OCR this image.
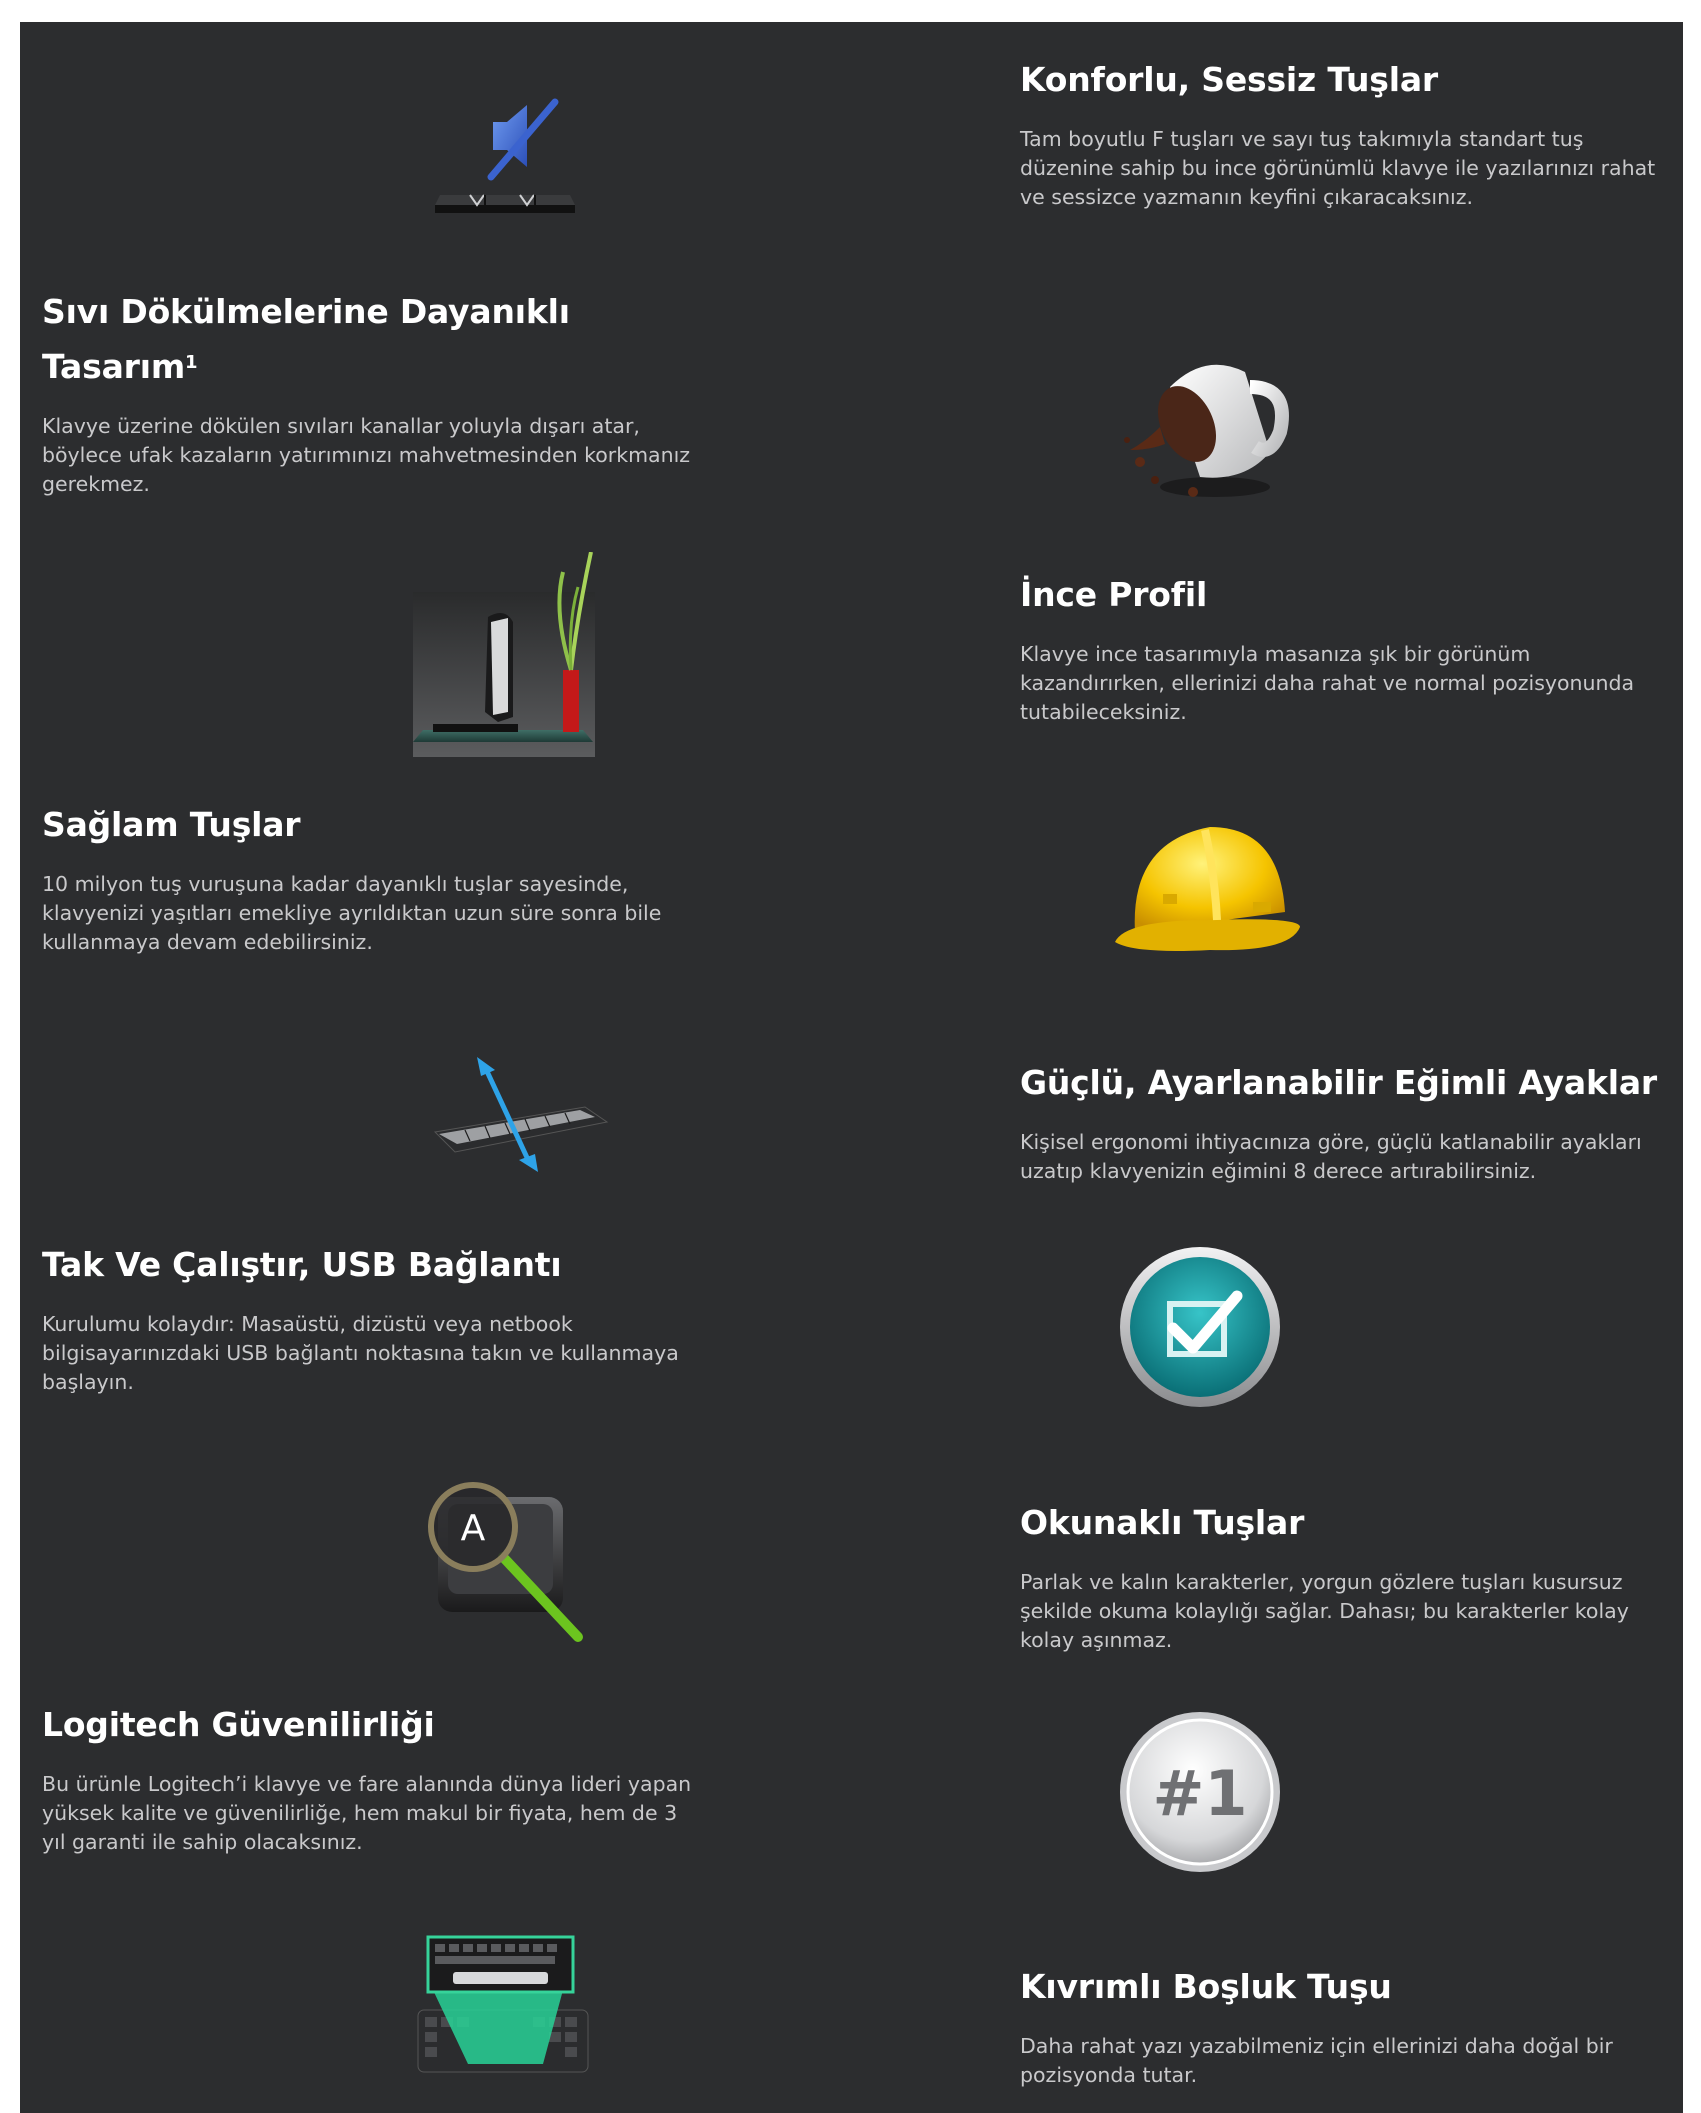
Konforlu, Sessiz Tuşlar

Tam boyutlu F tuşları ve sayı tuş takımıyla standart tuş düzenine sahip bu ince görünümlü klavye ile yazılarınızı rahat ve sessizce yazmanın keyfini çıkaracaksınız.

Sıvı Dökülmelerine Dayanıklı Tasarım$^1$

Klavye üzerine dökülen sıvıları kanallar yoluyla dışarı atar, böylece ufak kazaların yatırımınızı mahvetmesinden korkmanız gerekmez.

İnce Profil

Klavye ince tasarımıyla masanıza şık bir görünüm kazandırırken, ellerinizi daha rahat ve normal pozisyonunda tutabileceksiniz.

Sağlam Tuşlar

10 milyon tuş vuruşuna kadar dayanıklı tuşlar sayesinde, klavyenizi yaşıtları emekliye ayrıldıktan uzun süre sonra bile kullanmaya devam edebilirsiniz.

Güçlü, Ayarlanabilir Eğimli Ayaklar

Kişisel ergonomi ihtiyacınıza göre, güçlü katlanabilir ayakları uzatıp klavyenizin eğimini 8 derece artırabilirsiniz.

Tak Ve Çalıştır, USB Bağlantı

Kurulumu kolaydır: Masaüstü, dizüstü veya netbook bilgisayarınızdaki USB bağlantı noktasına takın ve kullanmaya başlayın.

A	Okunaklı Tuşlar

Parlak ve kalın karakterler, yorgun gözlere tuşları kusursuz şekilde okuma kolaylığı sağlar. Dahası; bu karakterler kolay kolay aşınmaz.

Logitech Güvenilirliği

Bu ürünle Logitech’i klavye ve fare alanında dünya lideri yapan yüksek kalite ve güvenilirliğe, hem makul bir fiyata, hem de 3 yıl garanti ile sahip olacaksınız.

#1
Kıvrımlı Boşluk Tuşu

Daha rahat yazı yazabilmeniz için ellerinizi daha doğal bir pozisyonda tutar.
